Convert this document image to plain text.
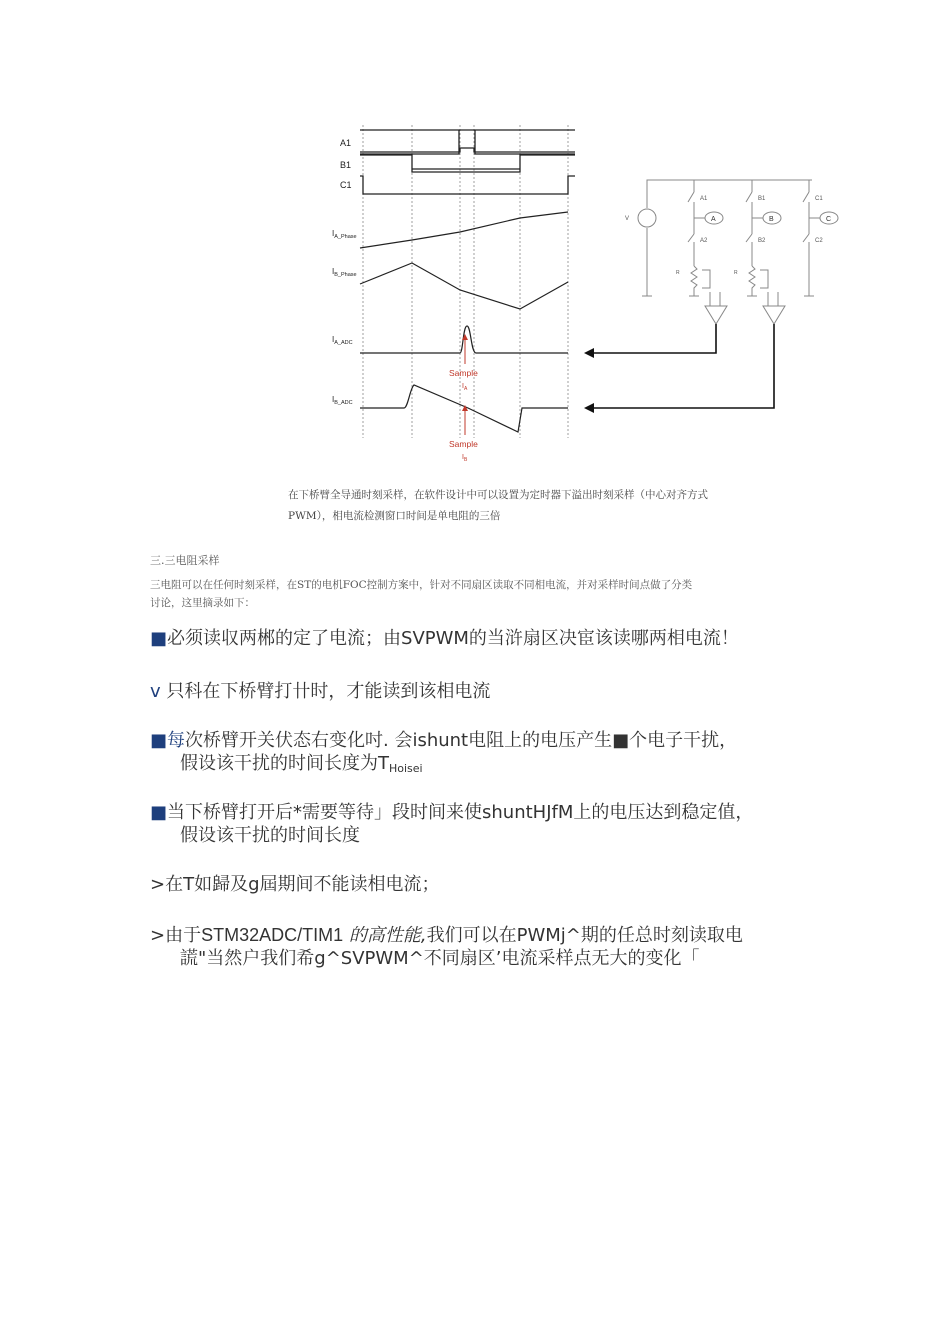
A1
B1
C1
$I_{A\_Phase}$
$I_{B\_Phase}$
$I_{A\_ADC}$
$I_{B\_ADC}$
Sample
$I_A$
Sample
$I_B$
V
A1	B1	C1
A2	B2	C2
A	B	C
R	R
在下桥臂全导通时刻采样，在软件设计中可以设置为定时器下溢出时刻采样（中心对齐方式
PWM），相电流检测窗口时间是单电阻的三倍
三.三电阻采样
三电阻可以在任何时刻采样，在ST的电机FOC控制方案中，针对不同扇区读取不同相电流，并对采样时间点做了分类
讨论，这里摘录如下：
■必须读収两郴的定了电流；由SVPWM的当浒扇区决宦该读哪两相电流！
v 只科在下桥臂打卄时，才能读到该相电流
■每次桥臂开关伏态右变化吋. 会ishunt电阻上的电压产生■个电子干扰，
假设该干扰的时间长度为$T_{Hoisei}$
■当下桥臂打开后*需要等待」段时间来使shuntHJfM上的电压达到稳定值，
假设该干扰的时间长度
>在T如歸及g屆期间不能读相电流；
>由于STM32ADC/TIM1 的高性能,我们可以在PWMj^期的任总时刻读取电
謊"当然户我们希g^SVPWM^不同扇区’电流采样点无大的变化「
